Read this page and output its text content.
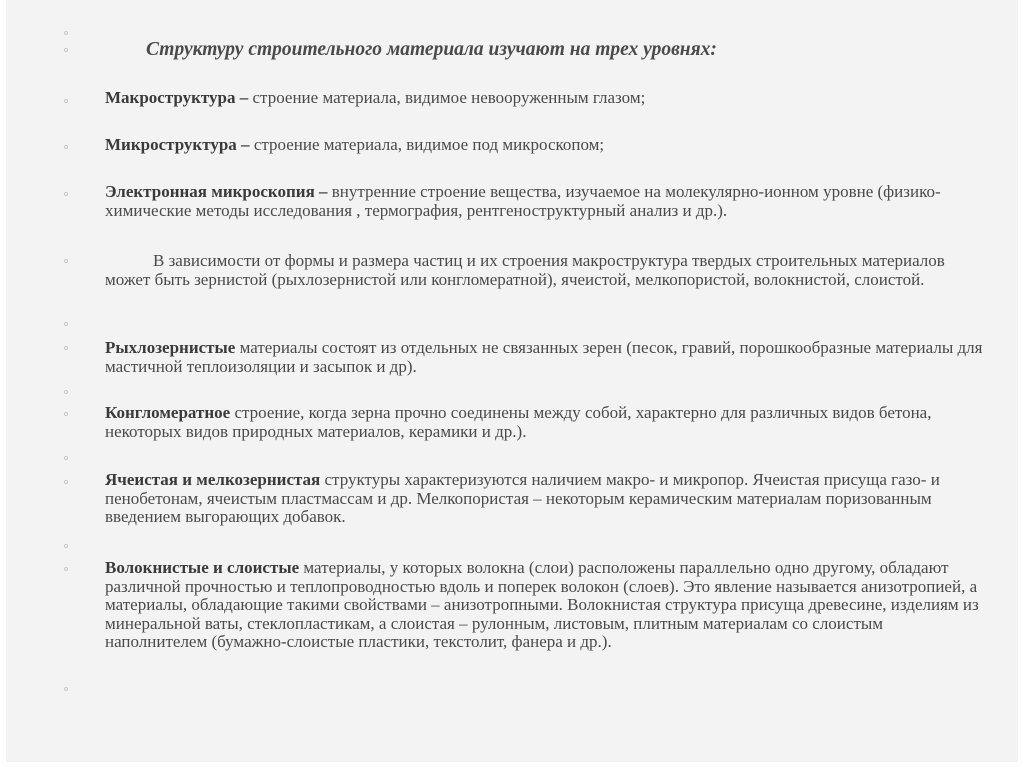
Структуру строительного материала изучают на трех уровнях:

Макроструктура – строение материала, видимое невооруженным глазом;

Микроструктура – строение материала, видимое под микроскопом;

Электронная микроскопия – внутренние строение вещества, изучаемое на молекулярно-ионном уровне (физико-химические методы исследования , термография, рентгеноструктурный анализ и др.).

В зависимости от формы и размера частиц и их строения макроструктура твердых строительных материалов может быть зернистой (рыхлозернистой или конгломератной), ячеистой, мелкопористой, волокнистой, слоистой.

Рыхлозернистые материалы состоят из отдельных не связанных зерен (песок, гравий, порошкообразные материалы для мастичной теплоизоляции и засыпок и др).

Конгломератное строение, когда зерна прочно соединены между собой, характерно для различных видов бетона, некоторых видов природных материалов, керамики и др.).

Ячеистая и мелкозернистая структуры характеризуются наличием макро- и микропор. Ячеистая присуща газо- и пенобетонам, ячеистым пластмассам и др. Мелкопористая – некоторым керамическим материалам поризованным введением выгорающих добавок.

Волокнистые и слоистые материалы, у которых волокна (слои) расположены параллельно одно другому, обладают различной прочностью и теплопроводностью вдоль и поперек волокон (слоев). Это явление называется анизотропией, а материалы, обладающие такими свойствами – анизотропными. Волокнистая структура присуща древесине, изделиям из минеральной ваты, стеклопластикам, а слоистая – рулонным, листовым, плитным материалам со слоистым наполнителем (бумажно-слоистые пластики, текстолит, фанера и др.).
